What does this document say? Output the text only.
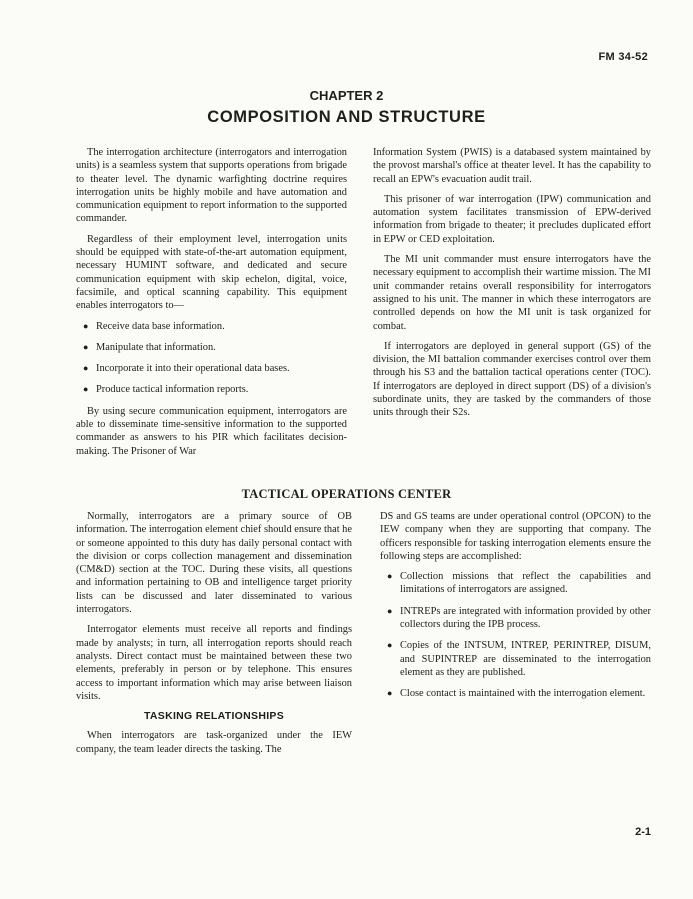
FM 34-52
CHAPTER 2
COMPOSITION AND STRUCTURE

The interrogation architecture (interrogators and interrogation units) is a seamless system that supports operations from brigade to theater level. The dynamic warfighting doctrine requires interrogation units be highly mobile and have automation and communication equipment to report information to the supported commander.

Regardless of their employment level, interrogation units should be equipped with state-of-the-art automation equipment, necessary HUMINT software, and dedicated and secure communication equipment with skip echelon, digital, voice, facsimile, and optical scanning capability. This equipment enables interrogators to—

● Receive data base information.
● Manipulate that information.
● Incorporate it into their operational data bases.
● Produce tactical information reports.

By using secure communication equipment, interrogators are able to disseminate time-sensitive information to the supported commander as answers to his PIR which facilitates decision-making. The Prisoner of War

Information System (PWIS) is a databased system maintained by the provost marshal's office at theater level. It has the capability to recall an EPW's evacuation audit trail.

This prisoner of war interrogation (IPW) communication and automation system facilitates transmission of EPW-derived information from brigade to theater; it precludes duplicated effort in EPW or CED exploitation.

The MI unit commander must ensure interrogators have the necessary equipment to accomplish their wartime mission. The MI unit commander retains overall responsibility for interrogators assigned to his unit. The manner in which these interrogators are controlled depends on how the MI unit is task organized for combat.

If interrogators are deployed in general support (GS) of the division, the MI battalion commander exercises control over them through his S3 and the battalion tactical operations center (TOC). If interrogators are deployed in direct support (DS) of a division's subordinate units, they are tasked by the commanders of those units through their S2s.

TACTICAL OPERATIONS CENTER

Normally, interrogators are a primary source of OB information. The interrogation element chief should ensure that he or someone appointed to this duty has daily personal contact with the division or corps collection management and dissemination (CM&D) section at the TOC. During these visits, all questions and information pertaining to OB and intelligence target priority lists can be discussed and later disseminated to various interrogators.

Interrogator elements must receive all reports and findings made by analysts; in turn, all interrogation reports should reach analysts. Direct contact must be maintained between these two elements, preferably in person or by telephone. This ensures access to important information which may arise between liaison visits.

TASKING RELATIONSHIPS

When interrogators are task-organized under the IEW company, the team leader directs the tasking. The

DS and GS teams are under operational control (OPCON) to the IEW company when they are supporting that company. The officers responsible for tasking interrogation elements ensure the following steps are accomplished:

● Collection missions that reflect the capabilities and limitations of interrogators are assigned.
● INTREPs are integrated with information provided by other collectors during the IPB process.
● Copies of the INTSUM, INTREP, PERINTREP, DISUM, and SUPINTREP are disseminated to the interrogation element as they are published.
● Close contact is maintained with the interrogation element.
2-1
